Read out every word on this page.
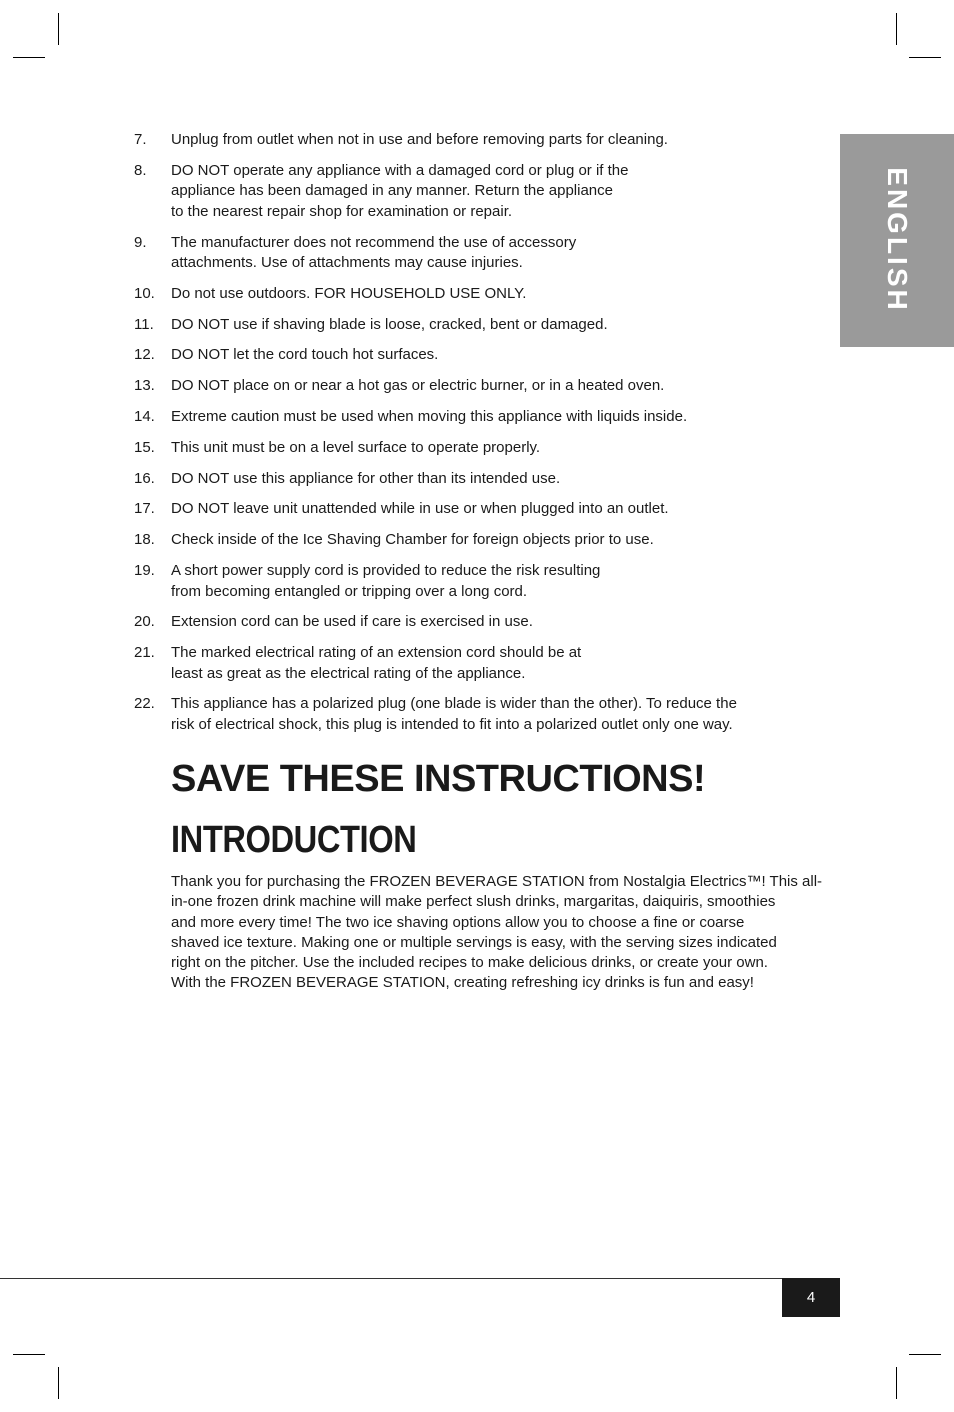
ENGLISH
7.	Unplug from outlet when not in use and before removing parts for cleaning.
8.	DO NOT operate any appliance with a damaged cord or plug or if the
appliance has been damaged in any manner. Return the appliance
to the nearest repair shop for examination or repair.
9.	The manufacturer does not recommend the use of accessory
attachments. Use of attachments may cause injuries.
10.	Do not use outdoors. FOR HOUSEHOLD USE ONLY.
11.	DO NOT use if shaving blade is loose, cracked, bent or damaged.
12.	DO NOT let the cord touch hot surfaces.
13.	DO NOT place on or near a hot gas or electric burner, or in a heated oven.
14.	Extreme caution must be used when moving this appliance with liquids inside.
15.	This unit must be on a level surface to operate properly.
16.	DO NOT use this appliance for other than its intended use.
17.	DO NOT leave unit unattended while in use or when plugged into an outlet.
18.	Check inside of the Ice Shaving Chamber for foreign objects prior to use.
19.	A short power supply cord is provided to reduce the risk resulting
from becoming entangled or tripping over a long cord.
20.	Extension cord can be used if care is exercised in use.
21.	The marked electrical rating of an extension cord should be at
least as great as the electrical rating of the appliance.
22.	This appliance has a polarized plug (one blade is wider than the other). To reduce the
risk of electrical shock, this plug is intended to fit into a polarized outlet only one way.
SAVE THESE INSTRUCTIONS!
INTRODUCTION

Thank you for purchasing the FROZEN BEVERAGE STATION from Nostalgia Electrics™! This all-
in-one frozen drink machine will make perfect slush drinks, margaritas, daiquiris, smoothies
and more every time! The two ice shaving options allow you to choose a fine or coarse
shaved ice texture. Making one or multiple servings is easy, with the serving sizes indicated
right on the pitcher. Use the included recipes to make delicious drinks, or create your own.
With the FROZEN BEVERAGE STATION, creating refreshing icy drinks is fun and easy!

4
